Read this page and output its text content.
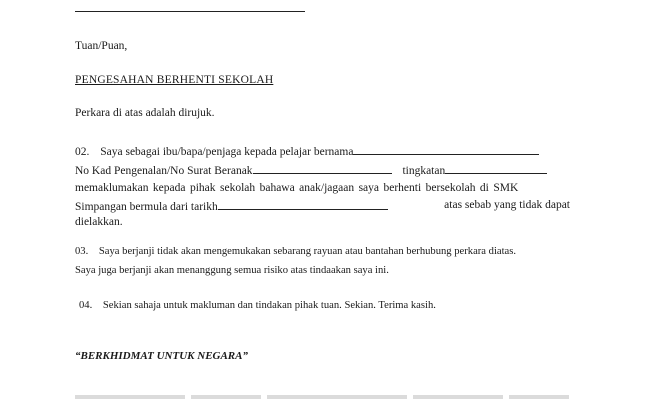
Tuan/Puan,
PENGESAHAN BERHENTI SEKOLAH
Perkara di atas adalah dirujuk.
02. Saya sebagai ibu/bapa/penjaga kepada pelajar bernama
No Kad Pengenalan/No Surat Beranak	tingkatan
memaklumakan kepada pihak sekolah bahawa anak/jagaan saya berhenti bersekolah di SMK
Simpangan bermula dari tarikh	atas sebab yang tidak dapat
dielakkan.
03. Saya berjanji tidak akan mengemukakan sebarang rayuan atau bantahan berhubung perkara diatas.
Saya juga berjanji akan menanggung semua risiko atas tindaakan saya ini.
04. Sekian sahaja untuk makluman dan tindakan pihak tuan. Sekian. Terima kasih.
“BERKHIDMAT UNTUK NEGARA”
